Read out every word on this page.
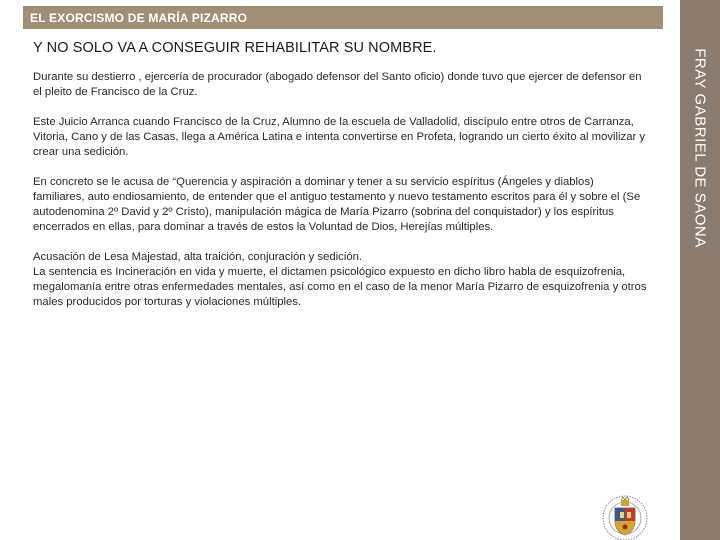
EL EXORCISMO DE MARÍA PIZARRO
FRAY GABRIEL DE SAONA
Y NO SOLO VA A CONSEGUIR REHABILITAR SU NOMBRE.

Durante su destierro , ejercería de procurador (abogado defensor del Santo oficio) donde tuvo que ejercer de defensor en el pleito de Francisco de la Cruz.

Este Juicio Arranca cuando Francisco de la Cruz, Alumno de la escuela de Valladolid, discípulo entre otros de Carranza, Vitoria, Cano y de las Casas, llega a América Latina e intenta convertirse en Profeta, logrando un cierto éxito al movilizar y crear una sedición.

En concreto se le acusa de “Querencia y aspiración a dominar y tener a su servicio espíritus (Ángeles y diablos) familiares, auto endiosamiento, de entender que el antiguo testamento y nuevo testamento escritos para él y sobre el (Se autodenomina 2º David y 2º Cristo), manipulación mágica de María Pizarro (sobrina del conquistador) y los espíritus encerrados en ellas, para dominar a través de estos la Voluntad de Dios, Herejías múltiples.

Acusación de Lesa Majestad, alta traición, conjuración y sedición.
La sentencia es Incineración en vida y muerte, el dictamen psicológico expuesto en dicho libro habla de esquizofrenia, megalomanía entre otras enfermedades mentales, así como en el caso de la menor María Pizarro de esquizofrenia y otros males producidos por torturas y violaciones múltiples.
